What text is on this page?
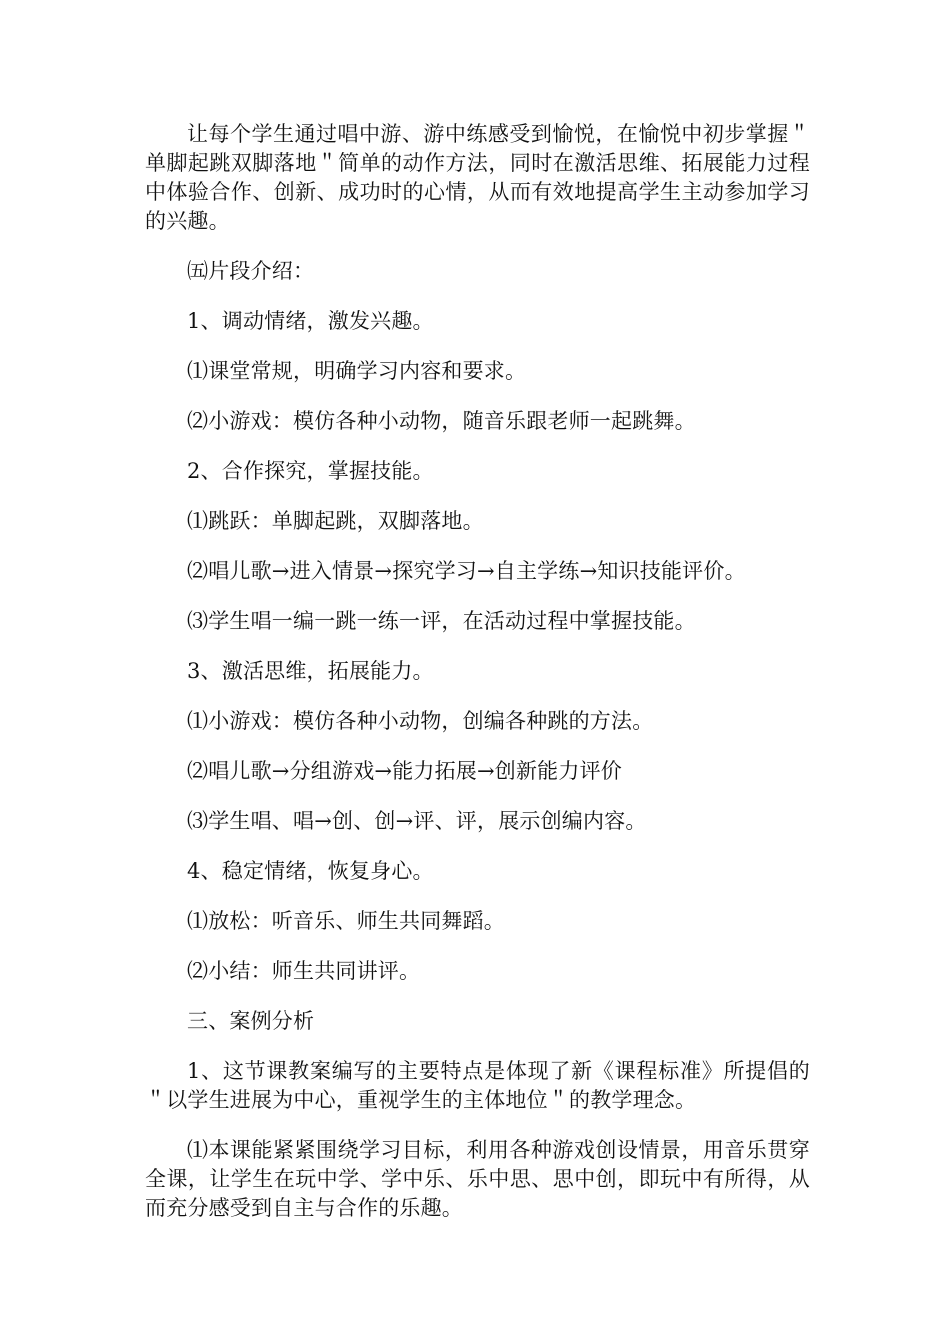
让每个学生通过唱中游、游中练感受到愉悦，在愉悦中初步掌握＂单脚起跳双脚落地＂简单的动作方法，同时在激活思维、拓展能力过程中体验合作、创新、成功时的心情，从而有效地提高学生主动参加学习的兴趣。

㈤片段介绍：

1、调动情绪，激发兴趣。

⑴课堂常规，明确学习内容和要求。

⑵小游戏：模仿各种小动物，随音乐跟老师一起跳舞。

2、合作探究，掌握技能。

⑴跳跃：单脚起跳，双脚落地。

⑵唱儿歌→进入情景→探究学习→自主学练→知识技能评价。

⑶学生唱一编一跳一练一评，在活动过程中掌握技能。

3、激活思维，拓展能力。

⑴小游戏：模仿各种小动物，创编各种跳的方法。

⑵唱儿歌→分组游戏→能力拓展→创新能力评价

⑶学生唱、唱→创、创→评、评，展示创编内容。

4、稳定情绪，恢复身心。

⑴放松：听音乐、师生共同舞蹈。

⑵小结：师生共同讲评。

三、案例分析

1、这节课教案编写的主要特点是体现了新《课程标准》所提倡的＂以学生进展为中心，重视学生的主体地位＂的教学理念。

⑴本课能紧紧围绕学习目标，利用各种游戏创设情景，用音乐贯穿全课，让学生在玩中学、学中乐、乐中思、思中创，即玩中有所得，从而充分感受到自主与合作的乐趣。
